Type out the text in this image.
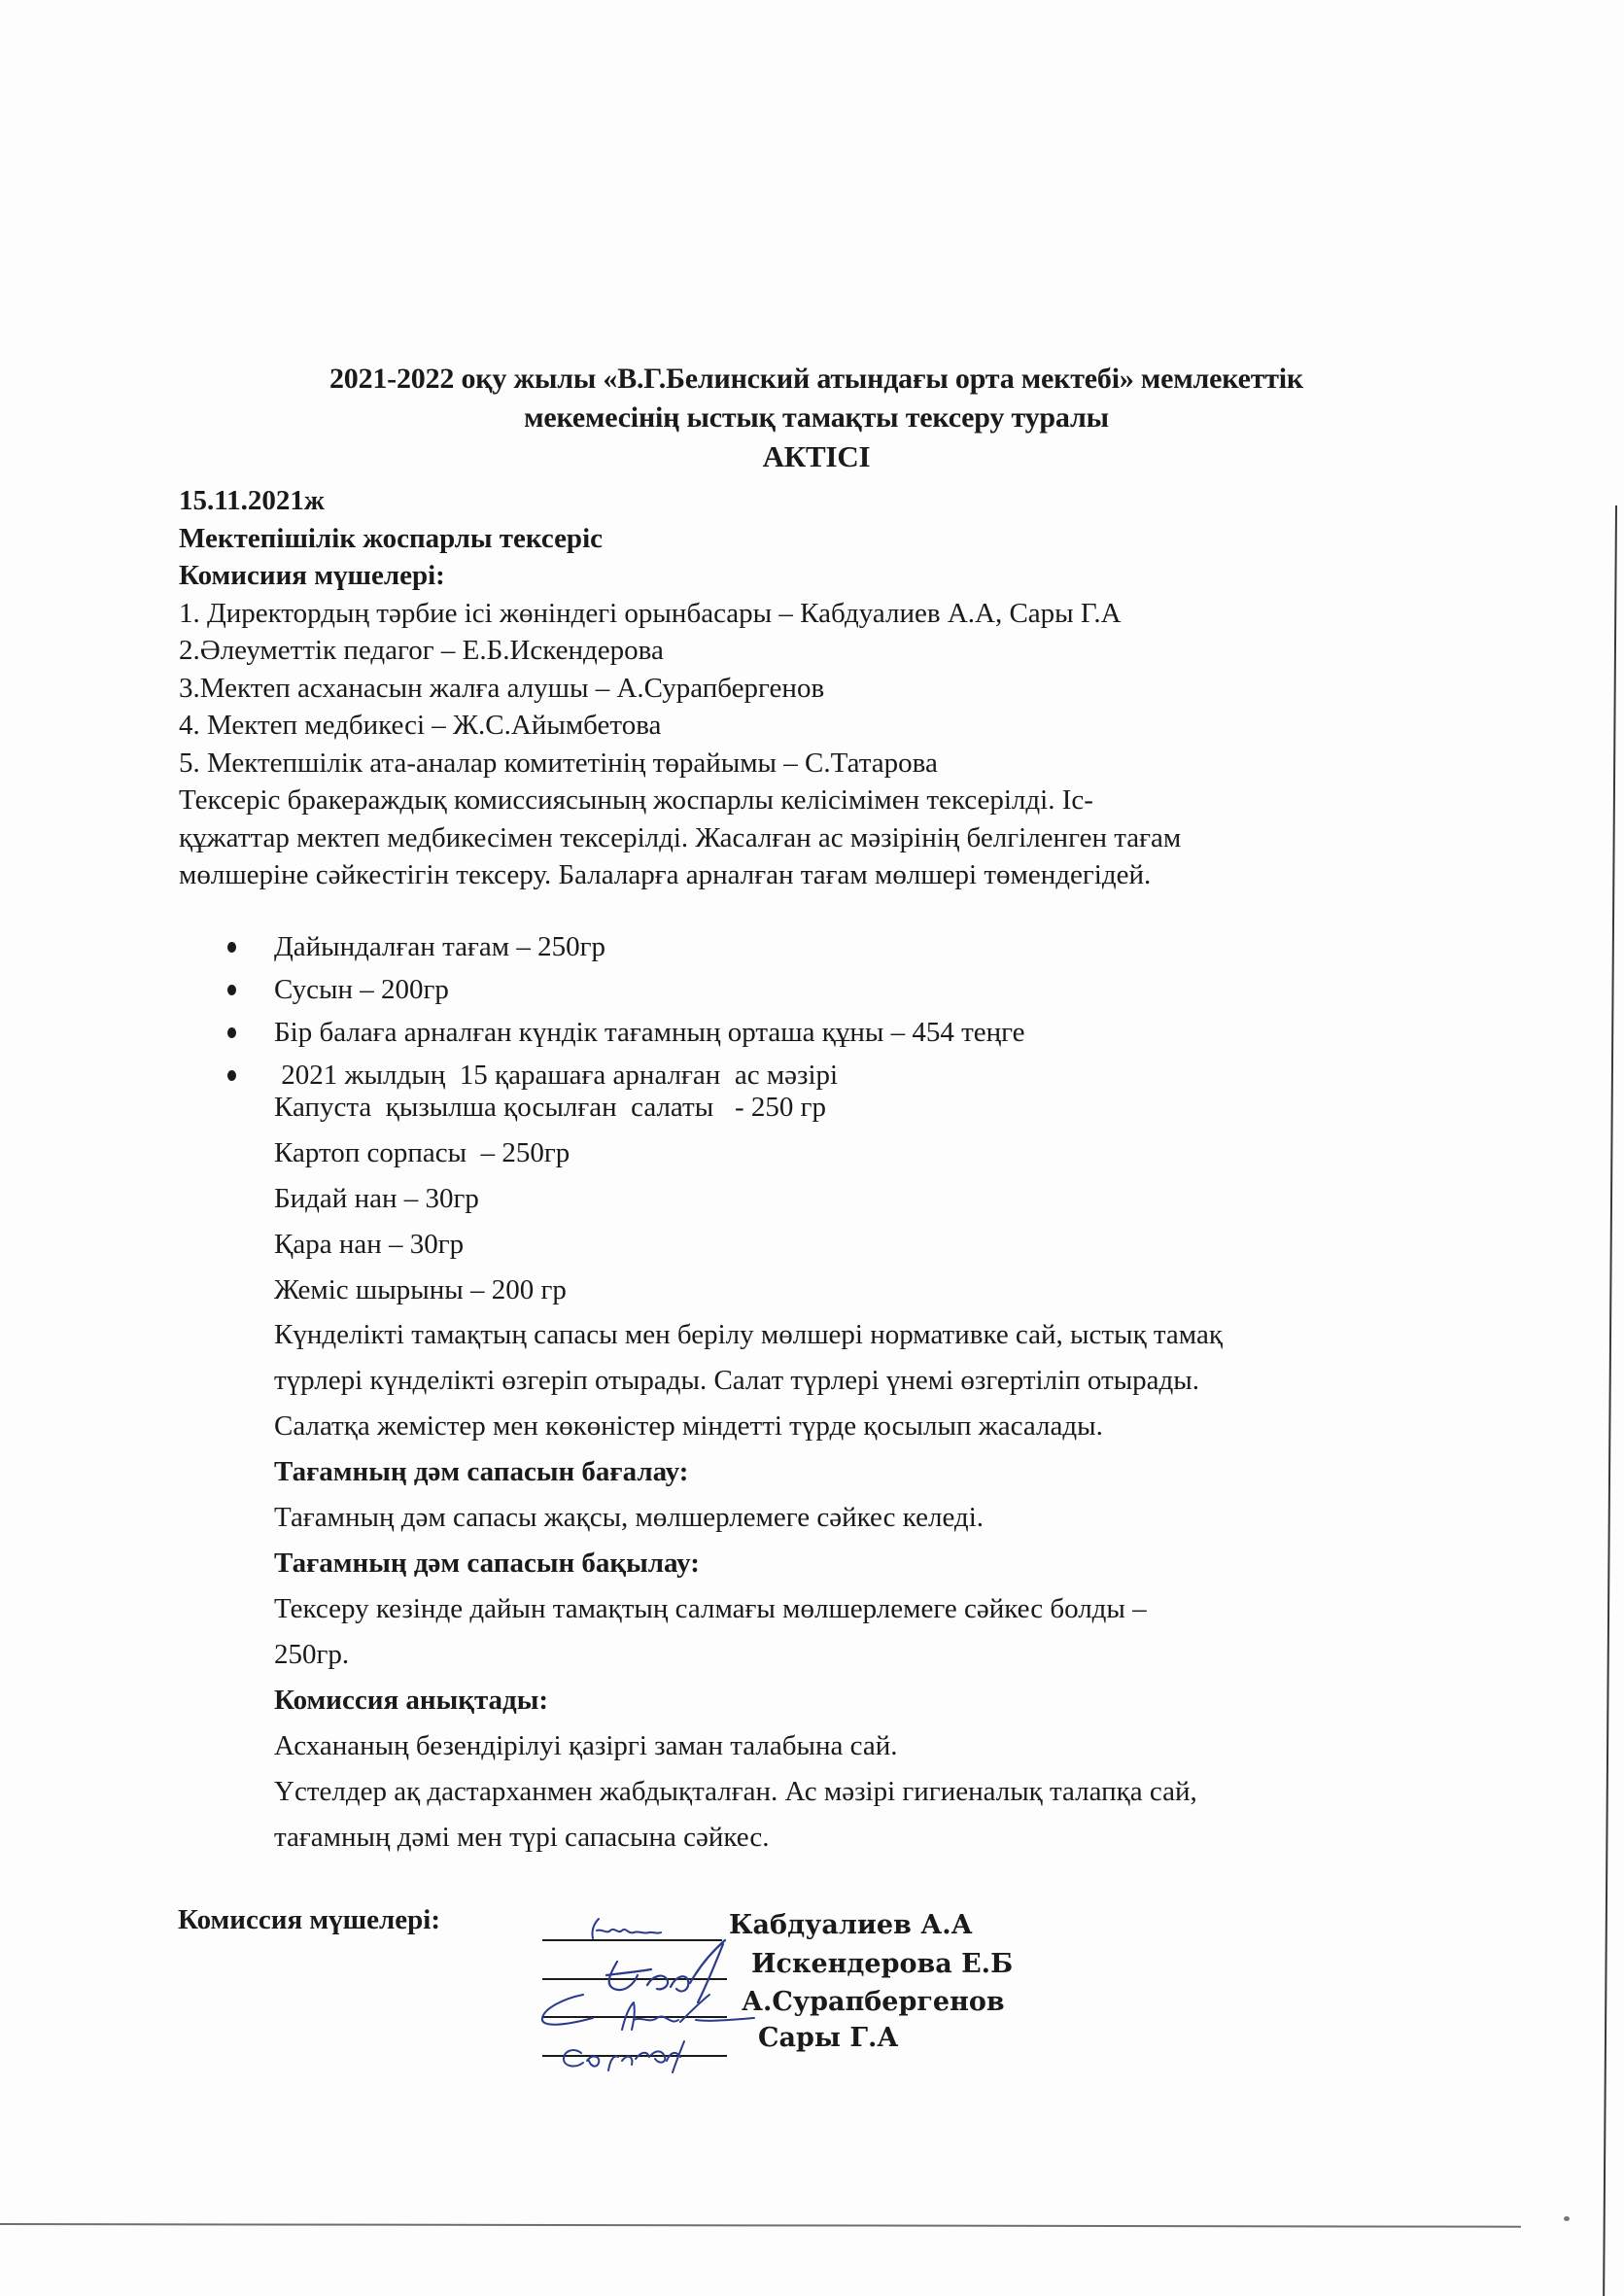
2021-2022 оқу жылы «В.Г.Белинский атындағы орта мектебі» мемлекеттік
мекемесінің ыстық тамақты тексеру туралы
АКТІСІ
15.11.2021ж
Мектепішілік жоспарлы тексеріс
Комисиия мүшелері:
1. Директордың тәрбие ісі жөніндегі орынбасары – Кабдуалиев А.А, Сары Г.А
2.Әлеуметтік педагог – Е.Б.Искендерова
3.Мектеп асханасын жалға алушы – А.Сурапбергенов
4. Мектеп медбикесі – Ж.С.Айымбетова
5. Мектепшілік ата-аналар комитетінің төрайымы – С.Татарова
Тексеріс бракераждық комиссиясының жоспарлы келісімімен тексерілді. Іс-
құжаттар мектеп медбикесімен тексерілді. Жасалған ас мәзірінің белгіленген тағам
мөлшеріне сәйкестігін тексеру. Балаларға арналған тағам мөлшері төмендегідей.
Дайындалған тағам – 250гр
Сусын – 200гр
Бір балаға арналған күндік тағамның орташа құны – 454 теңге
2021 жылдың  15 қарашаға арналған  ас мәзірі
Капуста  қызылша қосылған  салаты   - 250 гр
Картоп сорпасы  – 250гр
Бидай нан – 30гр
Қара нан – 30гр
Жеміс шырыны – 200 гр
Күнделікті тамақтың сапасы мен берілу мөлшері нормативке сай, ыстық тамақ
түрлері күнделікті өзгеріп отырады. Салат түрлері үнемі өзгертіліп отырады.
Салатқа жемістер мен көкөністер міндетті түрде қосылып жасалады.
Тағамның дәм сапасын бағалау:
Тағамның дәм сапасы жақсы, мөлшерлемеге сәйкес келеді.
Тағамның дәм сапасын бақылау:
Тексеру кезінде дайын тамақтың салмағы мөлшерлемеге сәйкес болды –
250гр.
Комиссия анықтады:
Асхананың безендірілуі қазіргі заман талабына сай.
Үстелдер ақ дастарханмен жабдықталған. Ас мәзірі гигиеналық талапқа сай,
тағамның дәмі мен түрі сапасына сәйкес.
Комиссия мүшелері:	Кабдуалиев А.А
Искендерова Е.Б
А.Сурапбергенов
Сары Г.А
